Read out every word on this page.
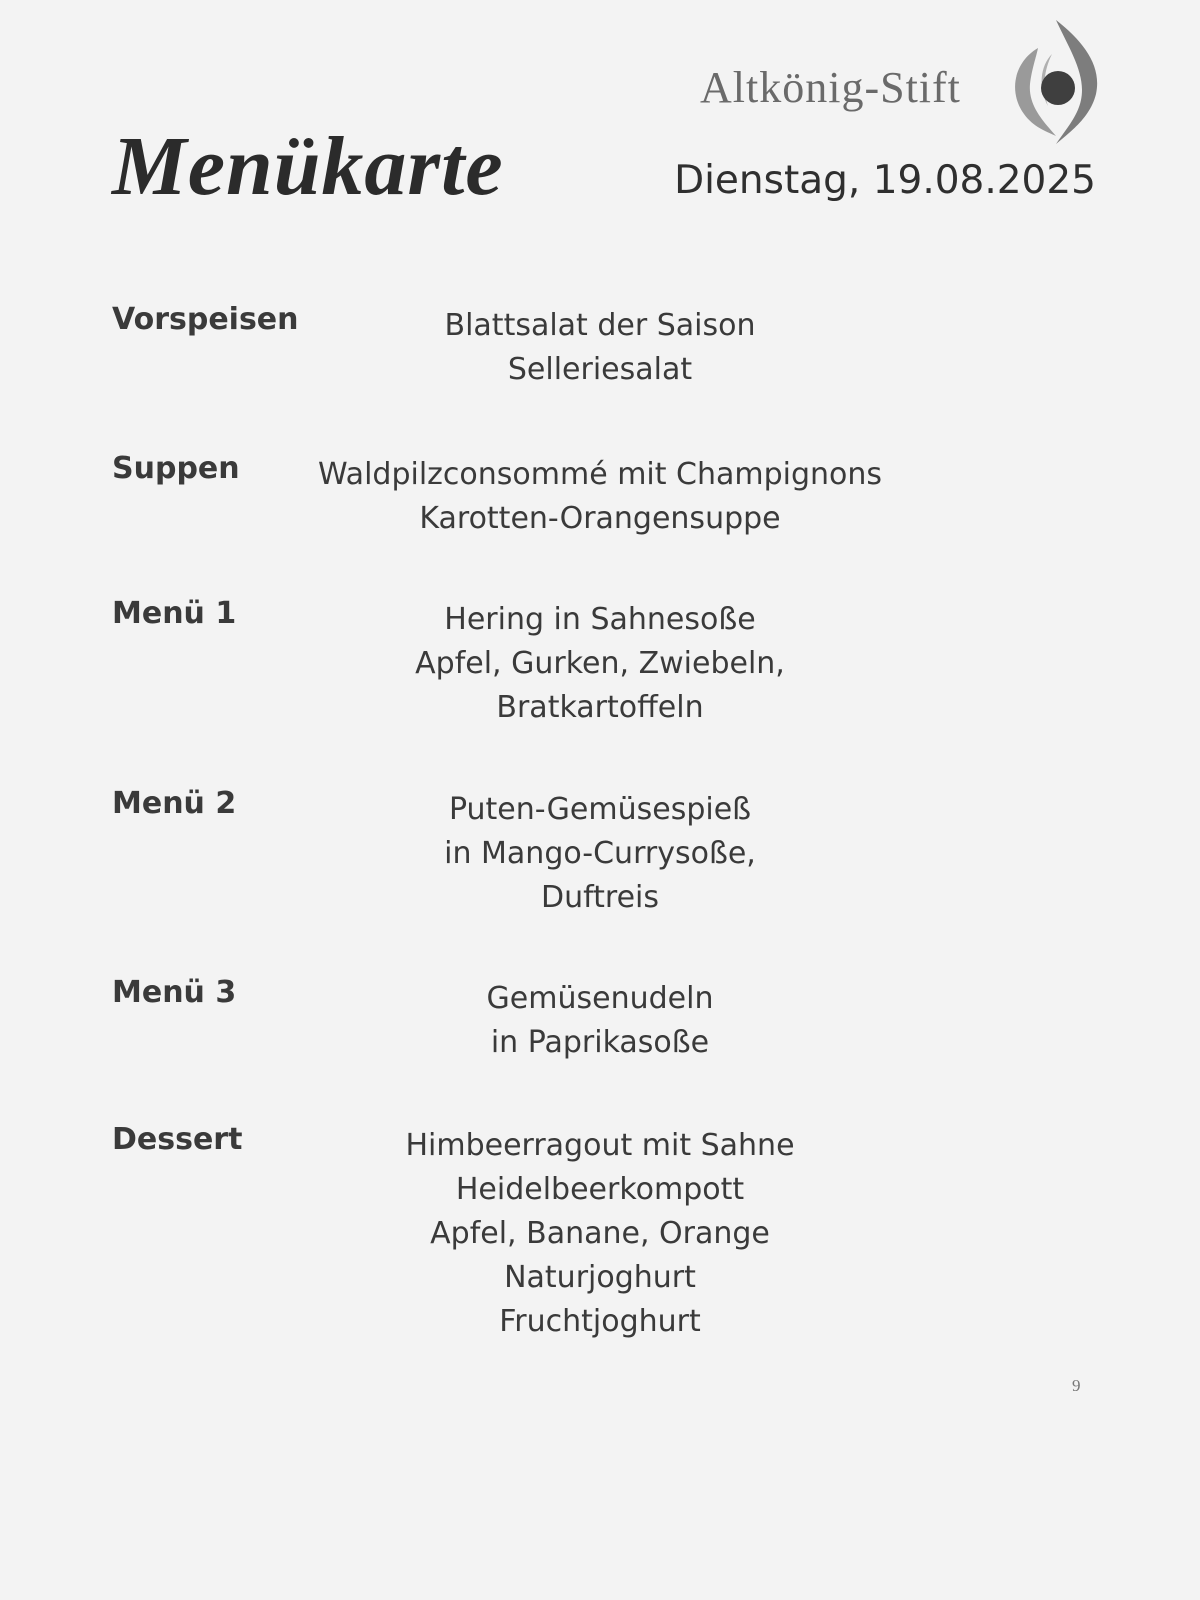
Altkönig-Stift
Menükarte	Dienstag, 19.08.2025
Vorspeisen	Blattsalat der Saison
Selleriesalat
Suppen	Waldpilzconsommé mit Champignons
Karotten-Orangensuppe
Menü 1	Hering in Sahnesoße
Apfel, Gurken, Zwiebeln,
Bratkartoffeln
Menü 2	Puten-Gemüsespieß
in Mango-Currysoße,
Duftreis
Menü 3	Gemüsenudeln
in Paprikasoße
Dessert	Himbeerragout mit Sahne
Heidelbeerkompott
Apfel, Banane, Orange
Naturjoghurt
Fruchtjoghurt
9
